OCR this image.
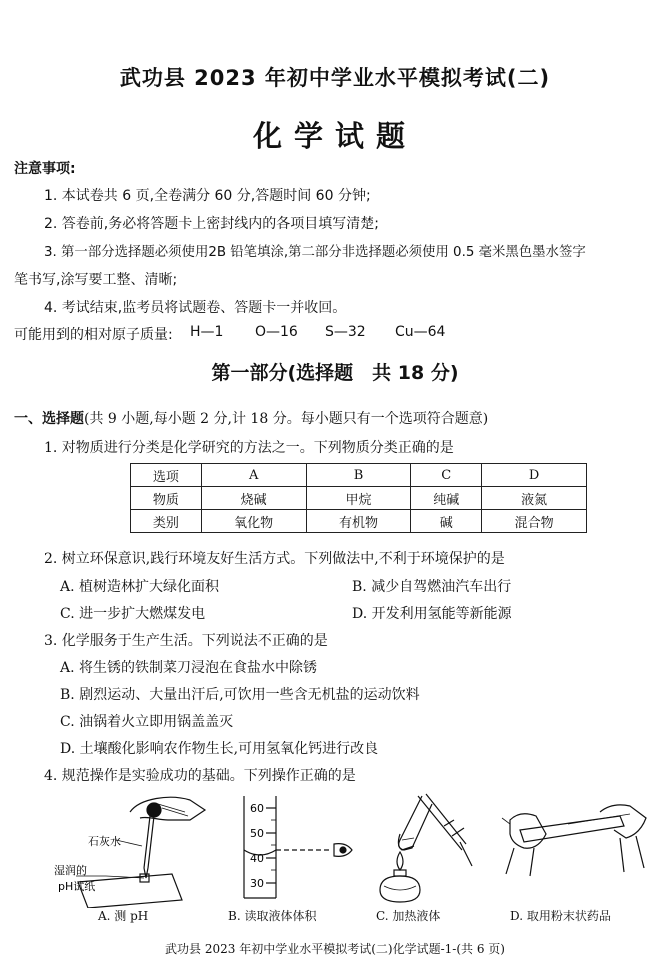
武功县 2023 年初中学业水平模拟考试(二)
化学试题
注意事项:
1. 本试卷共 6 页,全卷满分 60 分,答题时间 60 分钟;
2. 答卷前,务必将答题卡上密封线内的各项目填写清楚;
3. 第一部分选择题必须使用2B 铅笔填涂,第二部分非选择题必须使用 0.5 毫米黑色墨水签字
笔书写,涂写要工整、清晰;
4. 考试结束,监考员将试题卷、答题卡一并收回。
可能用到的相对原子质量: H—1 O—16 S—32 Cu—64
第一部分(选择题　共 18 分)
一、选择题(共 9 小题,每小题 2 分,计 18 分。每小题只有一个选项符合题意)
1. 对物质进行分类是化学研究的方法之一。下列物质分类正确的是
选项	A	B	C	D
物质	烧碱	甲烷	纯碱	液氮
类别	氧化物	有机物	碱	混合物
2. 树立环保意识,践行环境友好生活方式。下列做法中,不利于环境保护的是
A. 植树造林扩大绿化面积	B. 减少自驾燃油汽车出行
C. 进一步扩大燃煤发电	D. 开发利用氢能等新能源
3. 化学服务于生产生活。下列说法不正确的是
A. 将生锈的铁制菜刀浸泡在食盐水中除锈
B. 剧烈运动、大量出汗后,可饮用一些含无机盐的运动饮料
C. 油锅着火立即用锅盖盖灭
D. 土壤酸化影响农作物生长,可用氢氧化钙进行改良
4. 规范操作是实验成功的基础。下列操作正确的是
石灰水
湿润的
pH试纸
60
50
40
30
A. 测 pH	B. 读取液体体积	C. 加热液体	D. 取用粉末状药品
武功县 2023 年初中学业水平模拟考试(二)化学试题-1-(共 6 页)
